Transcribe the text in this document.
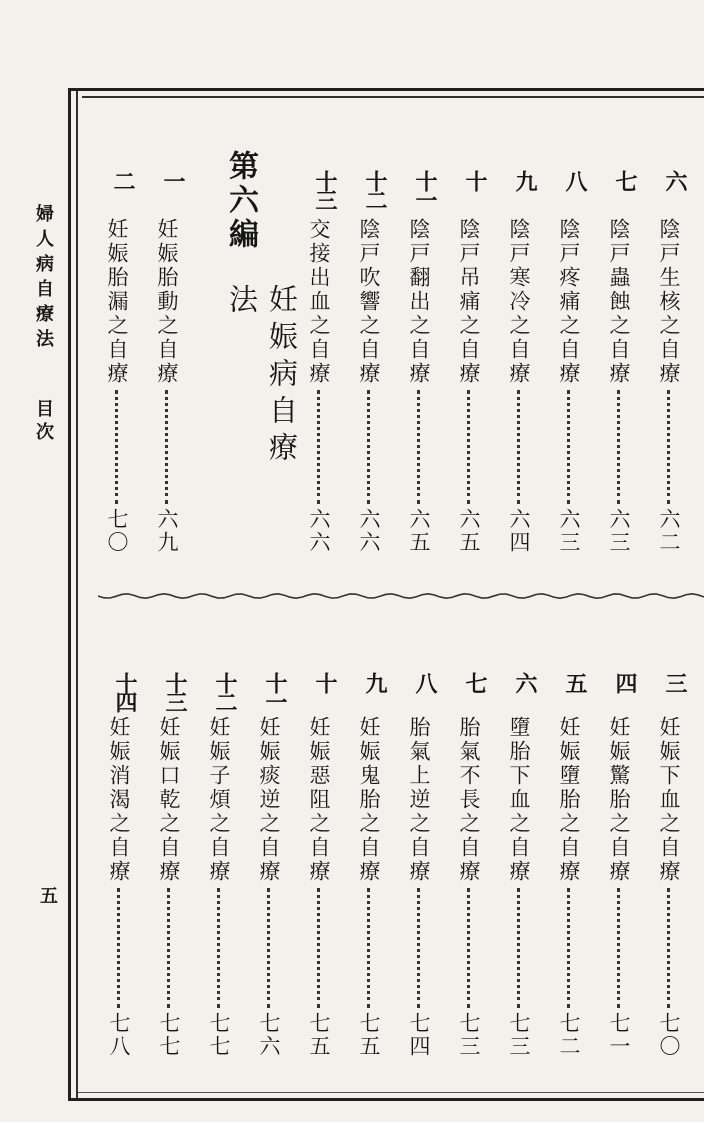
婦人病自療法
目次
五
六
陰戸生核之自療
六二
七
陰戸蟲蝕之自療
六三
八
陰戸疼痛之自療
六三
九
陰戸寒冷之自療
六四
十
陰戸吊痛之自療
六五
十一
陰戸翻出之自療
六五
十二
陰戸吹響之自療
六六
十三
交接出血之自療
六六
第六編
妊娠病自療法
一
妊娠胎動之自療
六九
二
妊娠胎漏之自療
七〇
三
妊娠下血之自療
七〇
四
妊娠驚胎之自療
七一
五
妊娠墮胎之自療
七二
六
墮胎下血之自療
七三
七
胎氣不長之自療
七三
八
胎氣上逆之自療
七四
九
妊娠鬼胎之自療
七五
十
妊娠惡阻之自療
七五
十一
妊娠痰逆之自療
七六
十二
妊娠子煩之自療
七七
十三
妊娠口乾之自療
七七
十四
妊娠消渴之自療
七八
